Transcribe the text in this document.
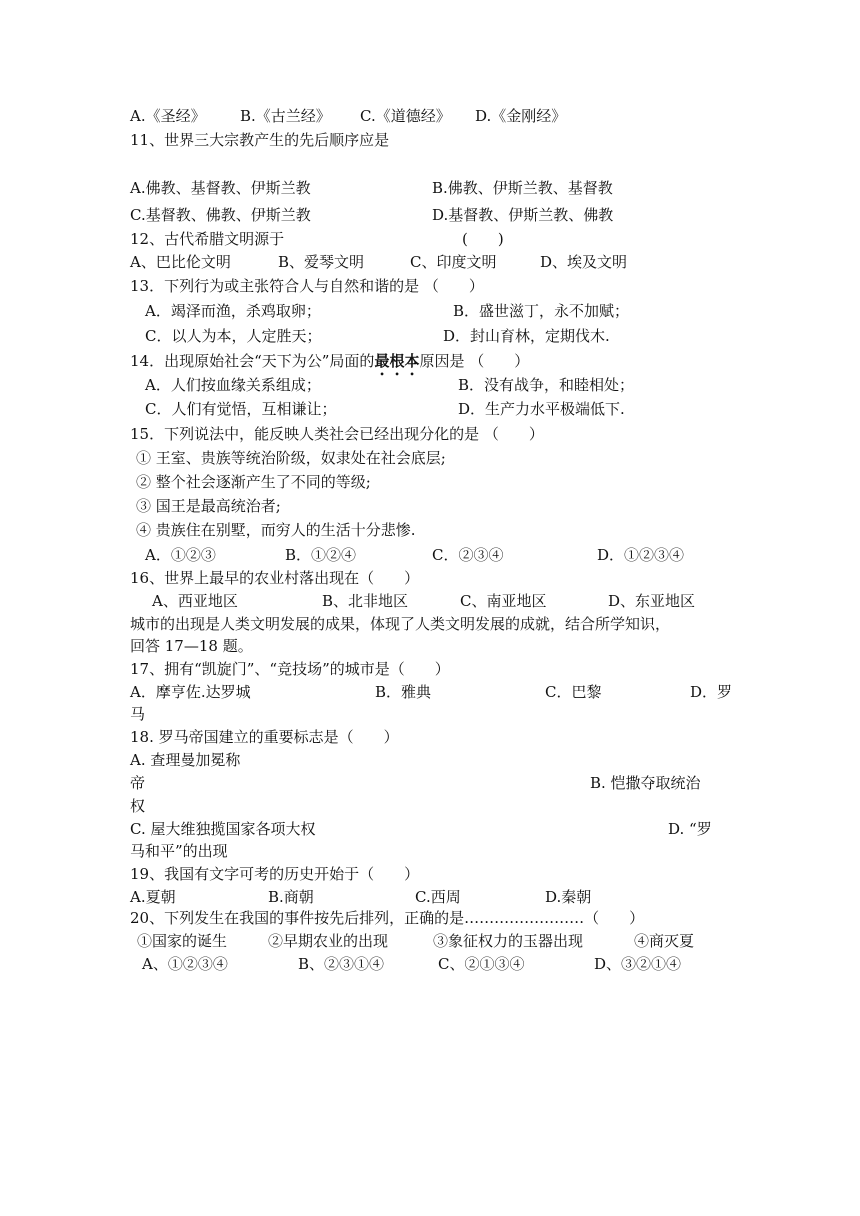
A.《圣经》 B.《古兰经》 C.《道德经》 D.《金刚经》
11、世界三大宗教产生的先后顺序应是
A.佛教、基督教、伊斯兰教	B.佛教、伊斯兰教、基督教
C.基督教、佛教、伊斯兰教	D.基督教、伊斯兰教、佛教
12、古代希腊文明源于	(　　)
A、巴比伦文明	B、爱琴文明	C、印度文明	D、埃及文明
13．下列行为或主张符合人与自然和谐的是 （　　）
A．竭泽而渔，杀鸡取卵；	B．盛世滋丁，永不加赋；
C．以人为本，人定胜天；	D．封山育林，定期伐木.
14．出现原始社会“天下为公”局面的最根本原因是 （　　）
A．人们按血缘关系组成；	B．没有战争，和睦相处；
C．人们有觉悟，互相谦让；	D．生产力水平极端低下.
15．下列说法中，能反映人类社会已经出现分化的是 （　　）
① 王室、贵族等统治阶级，奴隶处在社会底层;
② 整个社会逐渐产生了不同的等级;
③ 国王是最高统治者;
④ 贵族住在别墅，而穷人的生活十分悲惨.
A．①②③	B．①②④	C．②③④	D．①②③④
16、世界上最早的农业村落出现在（　　）
A、西亚地区	B、北非地区	C、南亚地区	D、东亚地区
城市的出现是人类文明发展的成果，体现了人类文明发展的成就，结合所学知识，
回答 17—18 题。
17、拥有“凯旋门”、“竞技场”的城市是（　　）
A．摩亨佐.达罗城	B．雅典	C．巴黎	D．罗
马
18. 罗马帝国建立的重要标志是（　　）
A. 查理曼加冕称
帝	B. 恺撒夺取统治
权
C. 屋大维独揽国家各项大权	D. “罗
马和平”的出现
19、我国有文字可考的历史开始于（　　）
A.夏朝	B.商朝	C.西周	D.秦朝
20、下列发生在我国的事件按先后排列，正确的是……………………（　　）
①国家的诞生	②早期农业的出现	③象征权力的玉器出现	④商灭夏
A、①②③④	B、②③①④	C、②①③④	D、③②①④
